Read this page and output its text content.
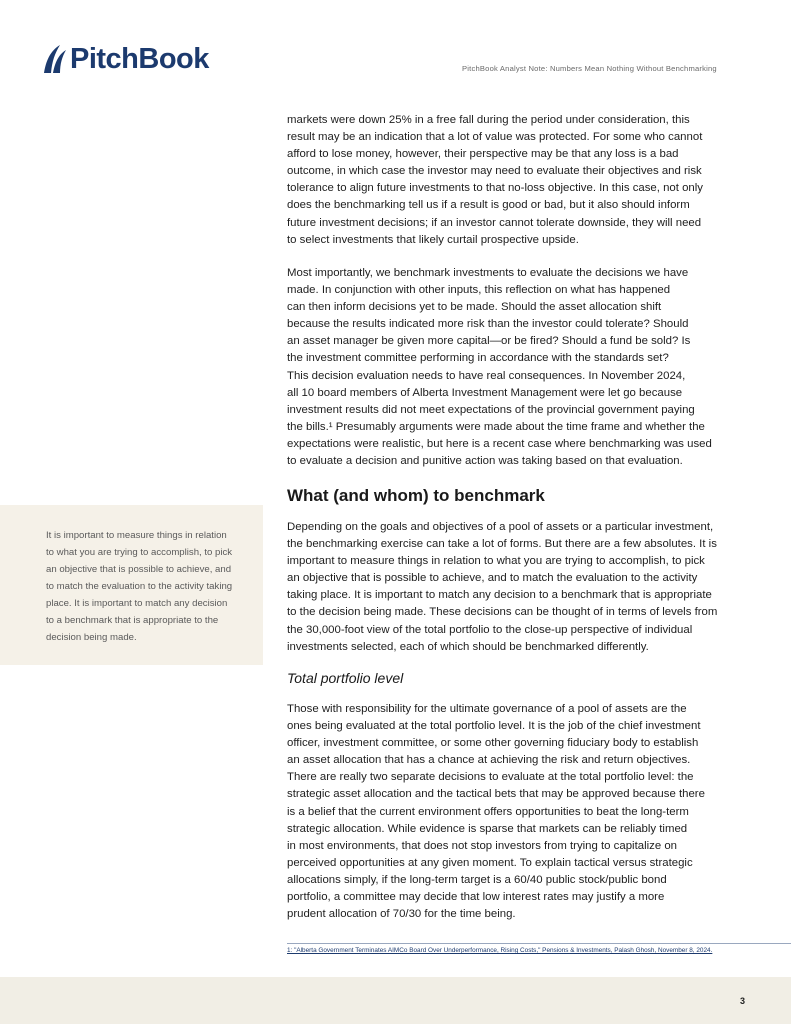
PitchBook	PitchBook Analyst Note: Numbers Mean Nothing Without Benchmarking
markets were down 25% in a free fall during the period under consideration, this
result may be an indication that a lot of value was protected. For some who cannot
afford to lose money, however, their perspective may be that any loss is a bad
outcome, in which case the investor may need to evaluate their objectives and risk
tolerance to align future investments to that no-loss objective. In this case, not only
does the benchmarking tell us if a result is good or bad, but it also should inform
future investment decisions; if an investor cannot tolerate downside, they will need
to select investments that likely curtail prospective upside.
Most importantly, we benchmark investments to evaluate the decisions we have
made. In conjunction with other inputs, this reflection on what has happened
can then inform decisions yet to be made. Should the asset allocation shift
because the results indicated more risk than the investor could tolerate? Should
an asset manager be given more capital—or be fired? Should a fund be sold? Is
the investment committee performing in accordance with the standards set?
This decision evaluation needs to have real consequences. In November 2024,
all 10 board members of Alberta Investment Management were let go because
investment results did not meet expectations of the provincial government paying
the bills.¹ Presumably arguments were made about the time frame and whether the
expectations were realistic, but here is a recent case where benchmarking was used
to evaluate a decision and punitive action was taking based on that evaluation.
What (and whom) to benchmark
It is important to measure things in relation
to what you are trying to accomplish, to pick
an objective that is possible to achieve, and
to match the evaluation to the activity taking
place. It is important to match any decision
to a benchmark that is appropriate to the
decision being made.
Depending on the goals and objectives of a pool of assets or a particular investment,
the benchmarking exercise can take a lot of forms. But there are a few absolutes. It is
important to measure things in relation to what you are trying to accomplish, to pick
an objective that is possible to achieve, and to match the evaluation to the activity
taking place. It is important to match any decision to a benchmark that is appropriate
to the decision being made. These decisions can be thought of in terms of levels from
the 30,000-foot view of the total portfolio to the close-up perspective of individual
investments selected, each of which should be benchmarked differently.
Total portfolio level
Those with responsibility for the ultimate governance of a pool of assets are the
ones being evaluated at the total portfolio level. It is the job of the chief investment
officer, investment committee, or some other governing fiduciary body to establish
an asset allocation that has a chance at achieving the risk and return objectives.
There are really two separate decisions to evaluate at the total portfolio level: the
strategic asset allocation and the tactical bets that may be approved because there
is a belief that the current environment offers opportunities to beat the long-term
strategic allocation. While evidence is sparse that markets can be reliably timed
in most environments, that does not stop investors from trying to capitalize on
perceived opportunities at any given moment. To explain tactical versus strategic
allocations simply, if the long-term target is a 60/40 public stock/public bond
portfolio, a committee may decide that low interest rates may justify a more
prudent allocation of 70/30 for the time being.
1: "Alberta Government Terminates AIMCo Board Over Underperformance, Rising Costs," Pensions & Investments, Palash Ghosh, November 8, 2024.
3
